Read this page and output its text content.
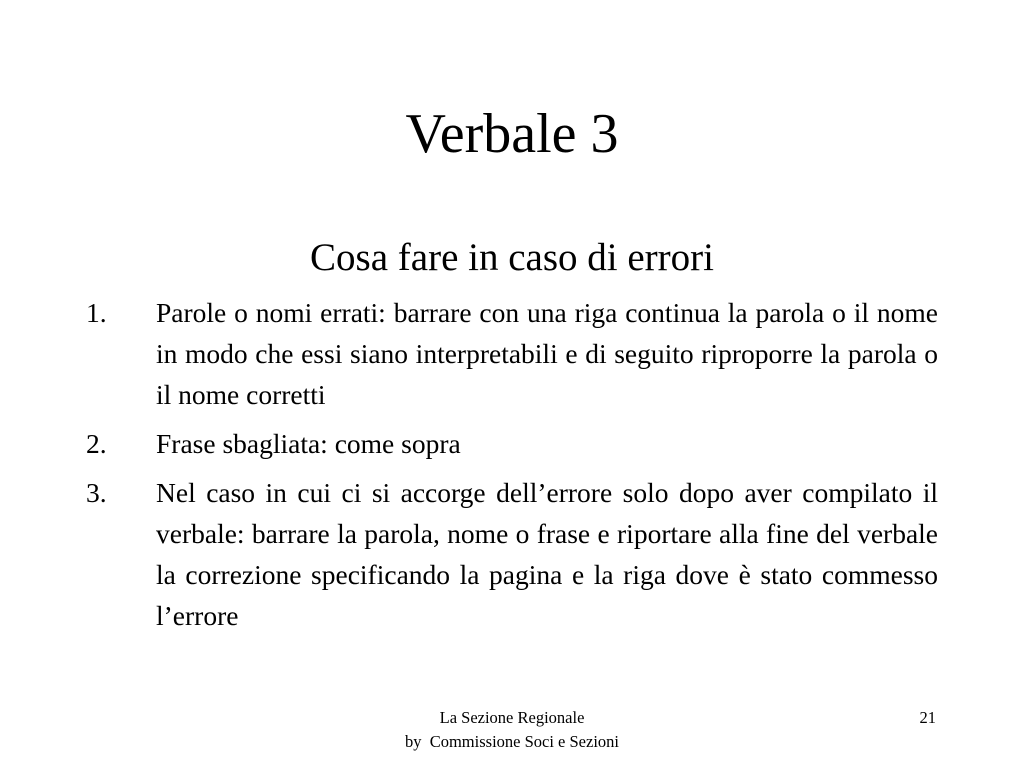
Verbale 3
Cosa fare in caso di errori
1.	Parole o nomi errati: barrare con una riga continua la parola o il nome in modo che essi siano interpretabili e di seguito riproporre la parola o il nome corretti
2.	Frase sbagliata: come sopra
3.	Nel caso in cui ci si accorge dell’errore solo dopo aver compilato il verbale: barrare la parola, nome o frase e riportare alla fine del verbale la correzione specificando la pagina e la riga dove è stato commesso l’errore
La Sezione Regionale
by  Commissione Soci e Sezioni
21
